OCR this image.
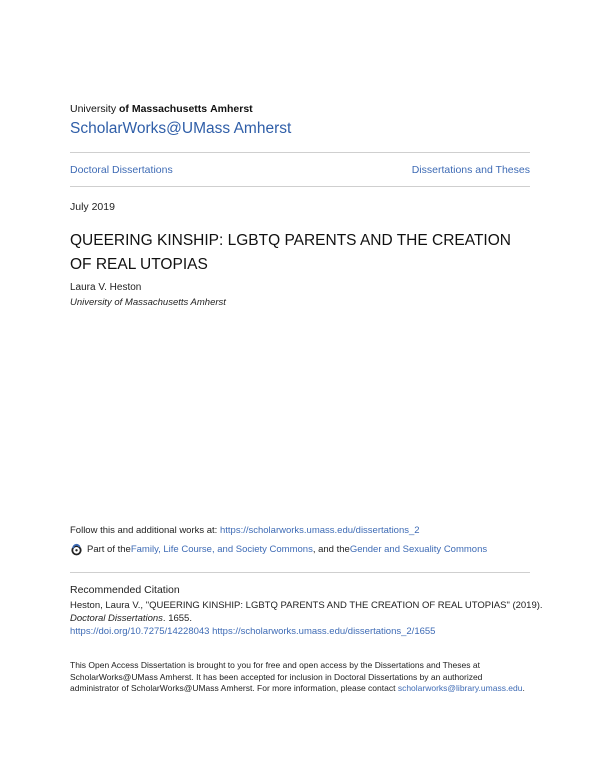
University of Massachusetts Amherst
ScholarWorks@UMass Amherst
Doctoral Dissertations	Dissertations and Theses
July 2019
QUEERING KINSHIP: LGBTQ PARENTS AND THE CREATION OF REAL UTOPIAS
Laura V. Heston
University of Massachusetts Amherst
Follow this and additional works at: https://scholarworks.umass.edu/dissertations_2
Part of the Family, Life Course, and Society Commons , and the Gender and Sexuality Commons
Recommended Citation
Heston, Laura V., "QUEERING KINSHIP: LGBTQ PARENTS AND THE CREATION OF REAL UTOPIAS" (2019).
Doctoral Dissertations. 1655.
https://doi.org/10.7275/14228043 https://scholarworks.umass.edu/dissertations_2/1655
This Open Access Dissertation is brought to you for free and open access by the Dissertations and Theses at ScholarWorks@UMass Amherst. It has been accepted for inclusion in Doctoral Dissertations by an authorized administrator of ScholarWorks@UMass Amherst. For more information, please contact scholarworks@library.umass.edu.
